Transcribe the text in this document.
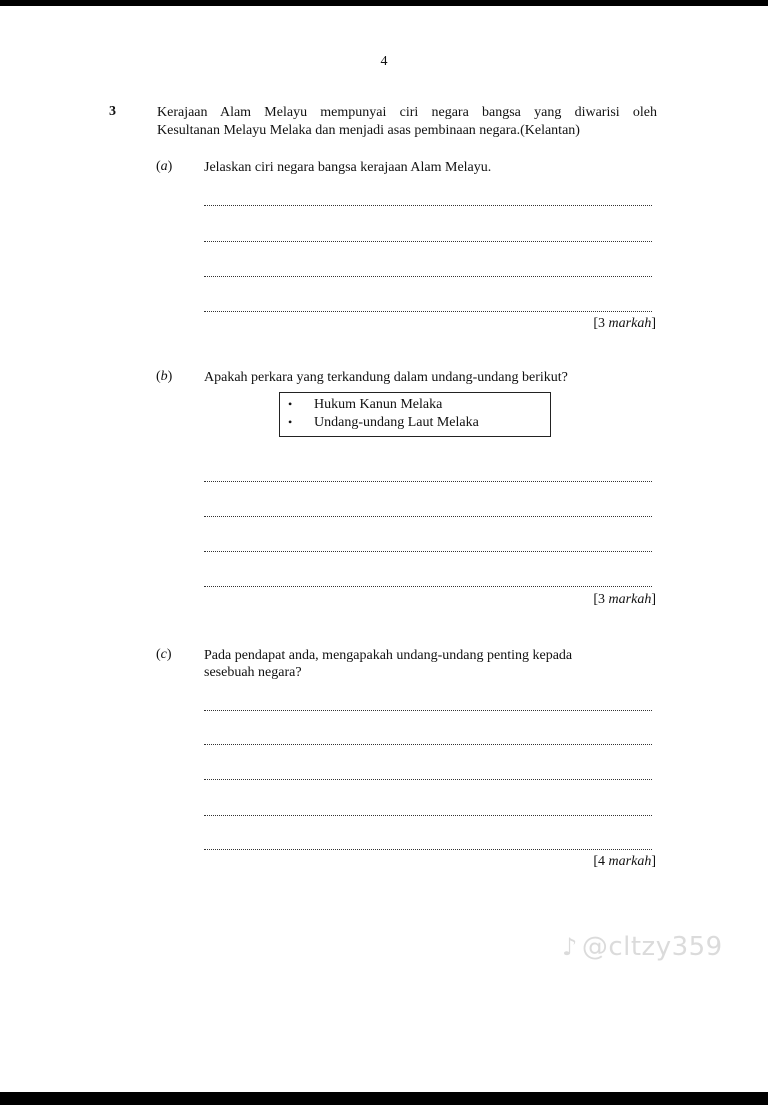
4
3	Kerajaan Alam Melayu mempunyai ciri negara bangsa yang diwarisi oleh
Kesultanan Melayu Melaka dan menjadi asas pembinaan negara.(Kelantan)
(a) Jelaskan ciri negara bangsa kerajaan Alam Melayu.
[3 markah]
(b) Apakah perkara yang terkandung dalam undang-undang berikut?
• Hukum Kanun Melaka
• Undang-undang Laut Melaka
[3 markah]
(c) Pada pendapat anda, mengapakah undang-undang penting kepada
sesebuah negara?
[4 markah]
♪ @cltzy359
